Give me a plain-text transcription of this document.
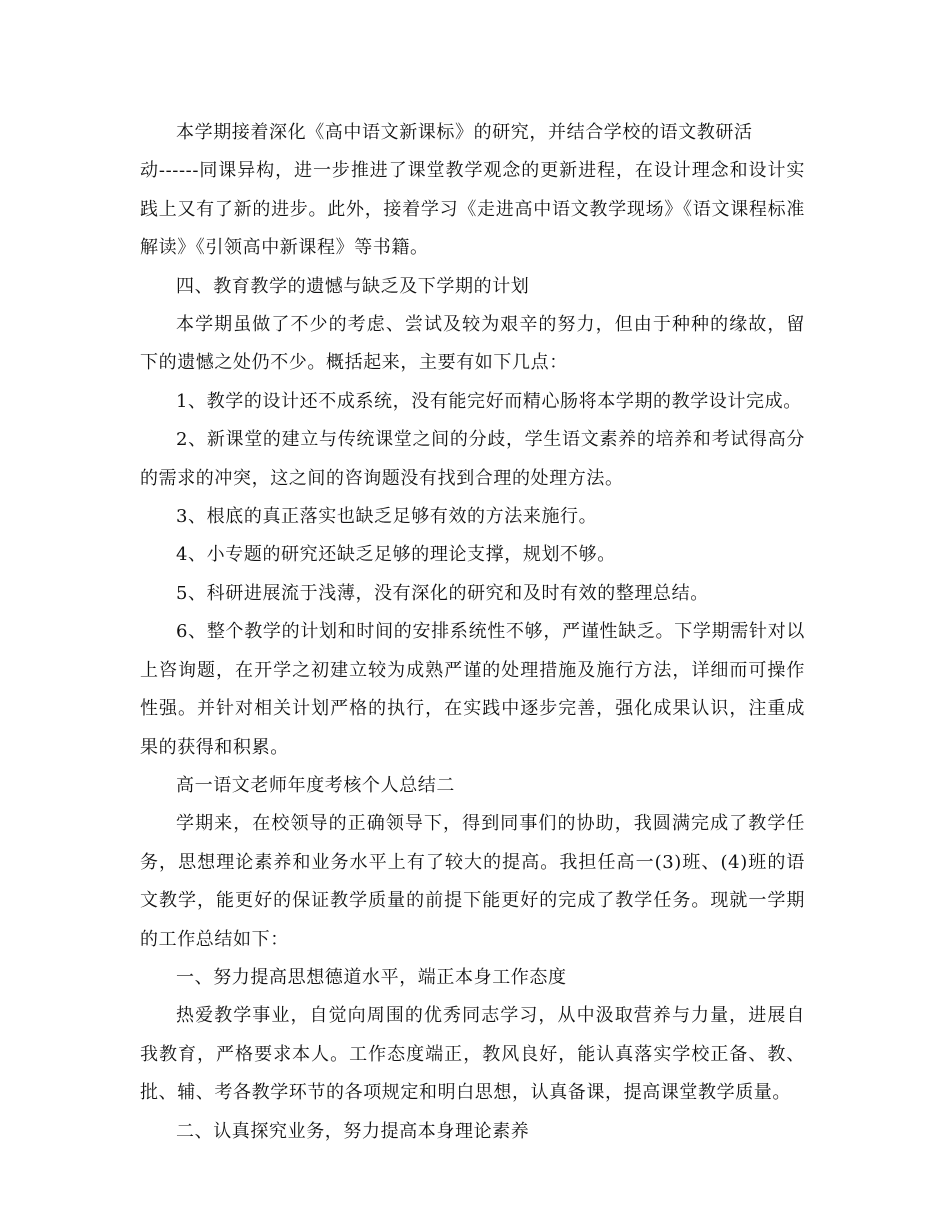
本学期接着深化《高中语文新课标》的研究，并结合学校的语文教研活

动------同课异构，进一步推进了课堂教学观念的更新进程，在设计理念和设计实践上又有了新的进步。此外，接着学习《走进高中语文教学现场》《语文课程标准解读》《引领高中新课程》等书籍。

四、教育教学的遗憾与缺乏及下学期的计划

本学期虽做了不少的考虑、尝试及较为艰辛的努力，但由于种种的缘故，留下的遗憾之处仍不少。概括起来，主要有如下几点：

1、教学的设计还不成系统，没有能完好而精心肠将本学期的教学设计完成。

2、新课堂的建立与传统课堂之间的分歧，学生语文素养的培养和考试得高分的需求的冲突，这之间的咨询题没有找到合理的处理方法。

3、根底的真正落实也缺乏足够有效的方法来施行。

4、小专题的研究还缺乏足够的理论支撑，规划不够。

5、科研进展流于浅薄，没有深化的研究和及时有效的整理总结。

6、整个教学的计划和时间的安排系统性不够，严谨性缺乏。下学期需针对以上咨询题，在开学之初建立较为成熟严谨的处理措施及施行方法，详细而可操作性强。并针对相关计划严格的执行，在实践中逐步完善，强化成果认识，注重成果的获得和积累。

高一语文老师年度考核个人总结二

学期来，在校领导的正确领导下，得到同事们的协助，我圆满完成了教学任务，思想理论素养和业务水平上有了较大的提高。我担任高一(3)班、(4)班的语文教学，能更好的保证教学质量的前提下能更好的完成了教学任务。现就一学期的工作总结如下：

一、努力提高思想德道水平，端正本身工作态度

热爱教学事业，自觉向周围的优秀同志学习，从中汲取营养与力量，进展自我教育，严格要求本人。工作态度端正，教风良好，能认真落实学校正备、教、批、辅、考各教学环节的各项规定和明白思想，认真备课，提高课堂教学质量。

二、认真探究业务，努力提高本身理论素养
